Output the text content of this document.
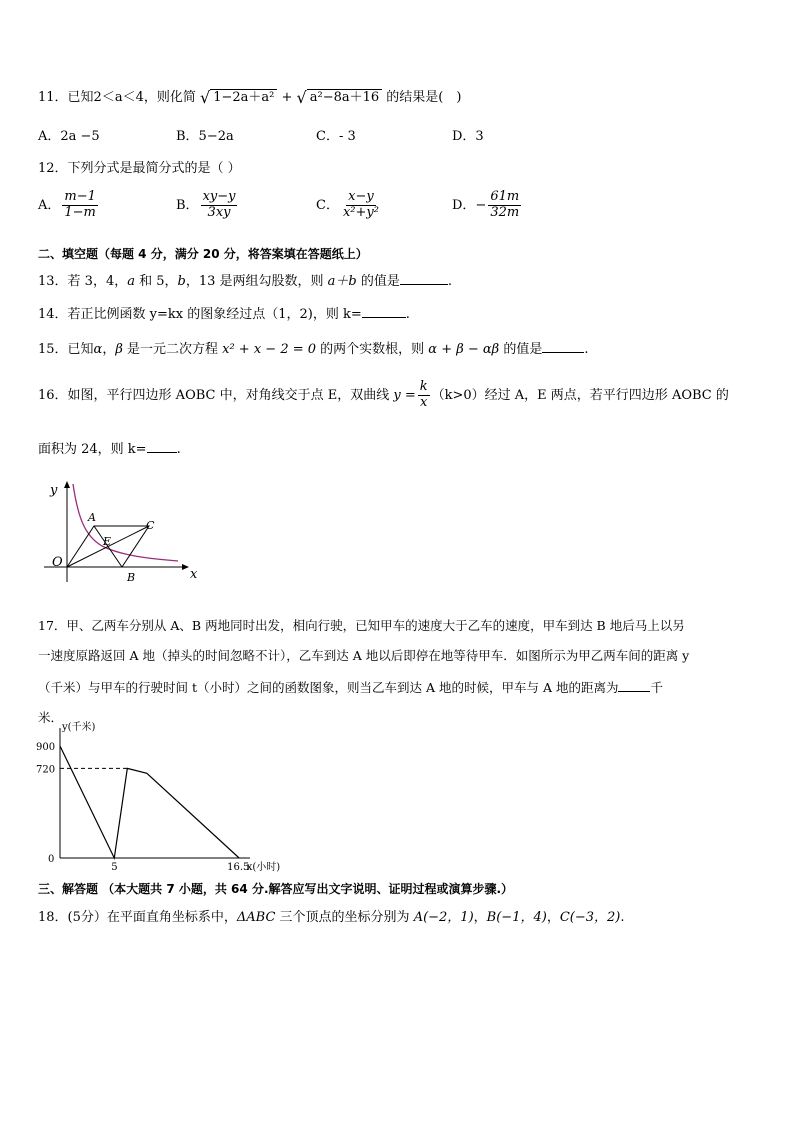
11．已知2＜a＜4，则化简 √ 1−2a＋a² + √ a²−8a＋16 的结果是(　)
A．2a −5	B．5−2a	C．- 3	D．3
12．下列分式是最简分式的是（ ）
A． $\frac{m-1}{1-m}$	B． $\frac{xy-y}{3xy}$	C． $\frac{x-y}{\text{x²+y²}}$	D．− $\frac{61m}{32m}$
二、填空题（每题 4 分，满分 20 分，将答案填在答题纸上）
13．若 3，4，a 和 5，b，13 是两组勾股数，则 a＋b 的值是	.
14．若正比例函数 y=kx 的图象经过点（1，2)，则 k=	.
15．已知α，β 是一元二次方程 x² + x − 2 = 0 的两个实数根，则 α + β − αβ 的值是	.
16．如图，平行四边形 AOBC 中，对角线交于点 E，双曲线 $y = \frac{k}{x} (k>0)$经过 A，E 两点，若平行四边形 AOBC 的
面积为 24，则 k= .
y
x
O
A
C
E
B
17．甲、乙两车分别从 A、B 两地同时出发，相向行驶，已知甲车的速度大于乙车的速度，甲车到达 B 地后马上以另
一速度原路返回 A 地（掉头的时间忽略不计），乙车到达 A 地以后即停在地等待甲车．如图所示为甲乙两车间的距离 y
（千米）与甲车的行驶时间 t（小时）之间的函数图象，则当乙车到达 A 地的时候，甲车与 A 地的距离为	千
米．
y(千米)
x(小时)
0
720
900
5	16.5
三、解答题 （本大题共 7 小题，共 64 分.解答应写出文字说明、证明过程或演算步骤.）
18．(5分）在平面直角坐标系中，ΔABC 三个顶点的坐标分别为 A(−2，1)，B(−1，4)，C(−3，2).
